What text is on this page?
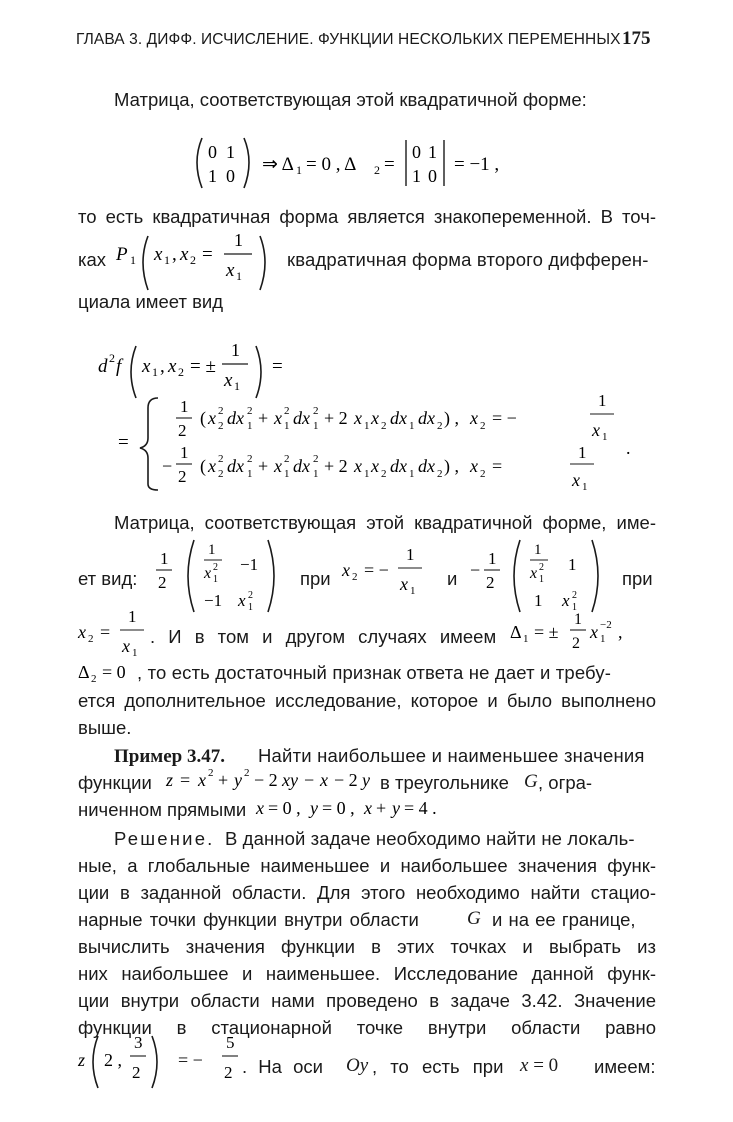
ГЛАВА 3. ДИФФ. ИСЧИСЛЕНИЕ. ФУНКЦИИ НЕСКОЛЬКИХ ПЕРЕМЕННЫХ 175
Матрица, соответствующая этой квадратичной форме:
0 1
1 0
⇒ Δ 1 = 0 , Δ 2 =
0 1
1 0
= −1 ,
то есть квадратичная форма является знакопеременной. В точ-
ках P 1 x 1 , x 2 =
1
x 1
квадратичная форма второго дифферен-
циала имеет вид
d 2 f x 1 , x 2 = ±
1
x 1
=
=
1
2
( x 2
2 dx 2
1 + x 2
1 dx 2
1 + 2 x 1 x 2 dx 1 dx 2 ) , x 2 = −
1
x 1
−
1
2
( x 2
2 dx 2
1 + x 2
1 dx 2
1 + 2 x 1 x 2 dx 1 dx 2 ) , x 2 =
1
x 1
.
Матрица, соответствующая этой квадратичной форме, име-
ет вид:
1
2
1
x 2
1
−1
−1 x 2
1
при x 2 = −
1
x 1
и −
1
2
1
x 2
1
1
1 x 2
1
при
x 2 =
1
x 1
. И в том и другом случаях имеем Δ 1 = ±
1
2
x 1
−2 ,
Δ 2 = 0 , то есть достаточный признак ответа не дает и требу-
ется дополнительное исследование, которое и было выполнено
выше.
Пример 3.47. Найти наибольшее и наименьшее значения
функции z = x 2 + y 2 − 2 xy − x − 2 y в треугольнике G , огра-
ниченном прямыми x = 0 , y = 0 , x + y = 4 .
Решение. В данной задаче необходимо найти не локаль-
ные, а глобальные наименьшее и наибольшее значения функ-
ции в заданной области. Для этого необходимо найти стацио-
нарные точки функции внутри области	G и на ее границе,
вычислить значения функции в этих точках и выбрать из
них наибольшее и наименьшее. Исследование данной функ-
ции внутри области нами проведено в задаче 3.42. Значение
функции в стационарной точке внутри области равно
z 2 ,
3
2
= −
5
2 . На оси Oy , то есть при x = 0 имеем:
